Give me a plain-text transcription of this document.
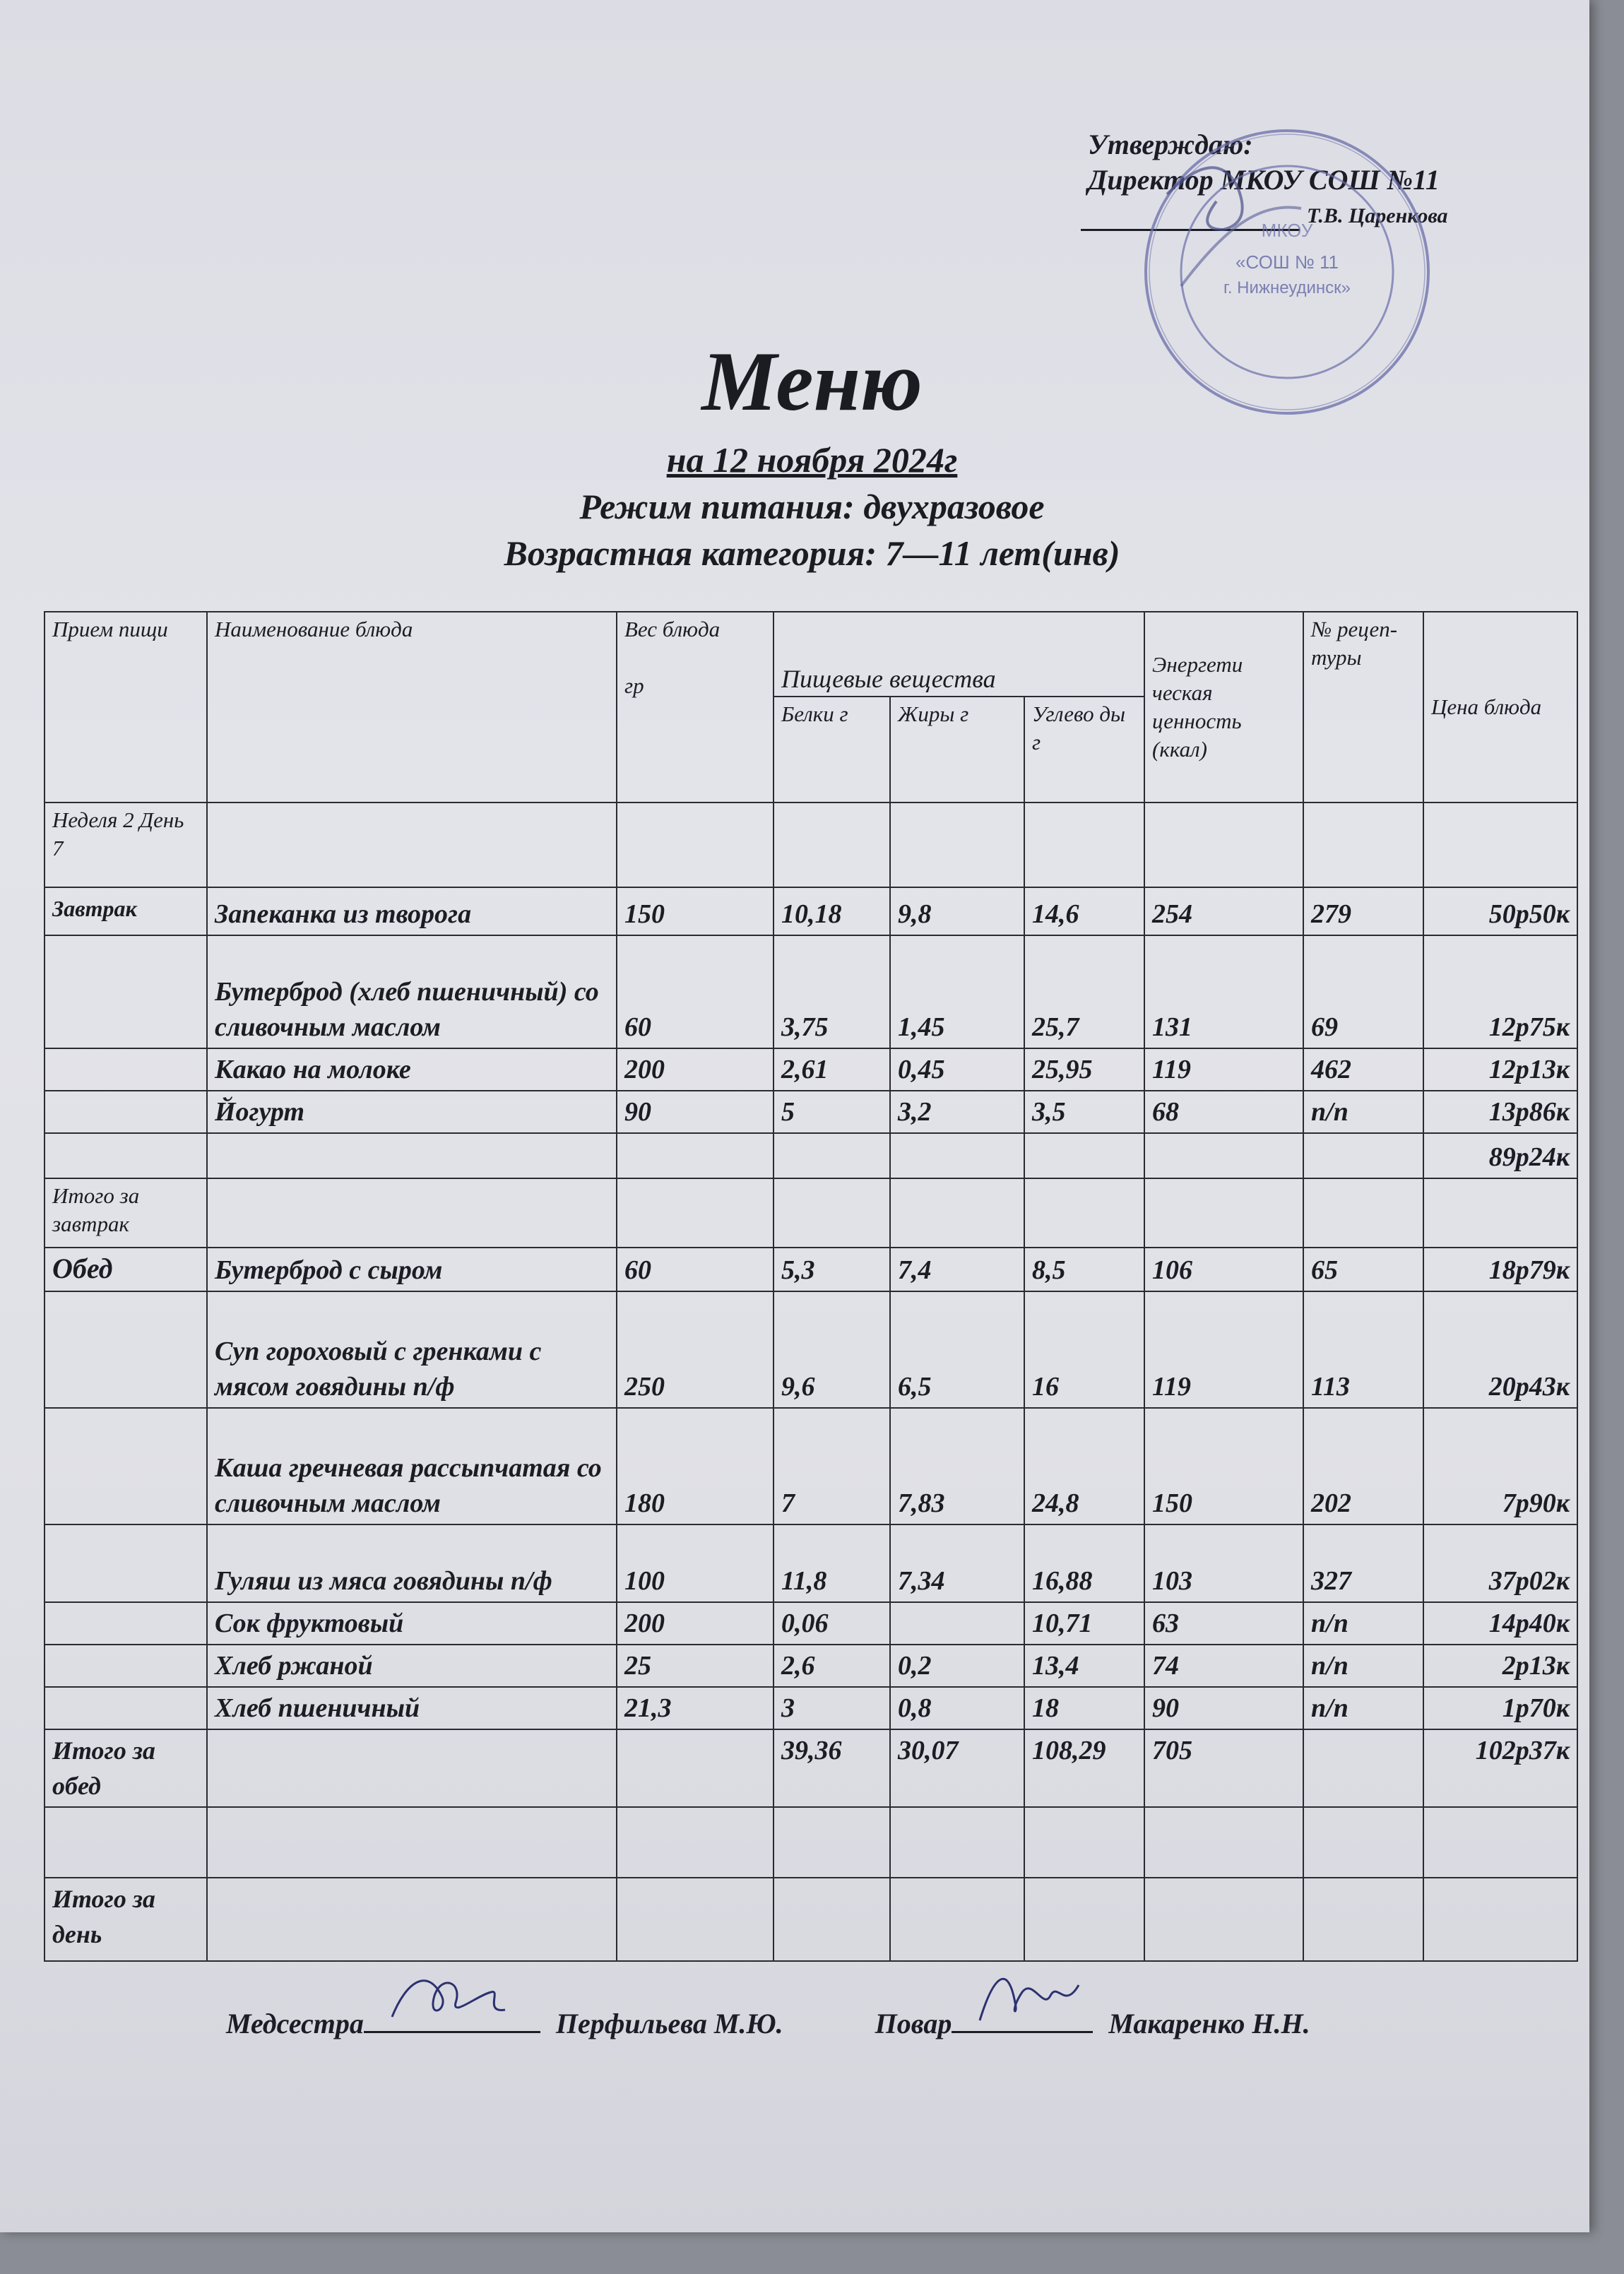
Утверждаю:
Директор МКОУ СОШ №11
Т.В. Царенкова
«СОШ № 11
г. Нижнеудинск»
МКОУ
Меню
на 12 ноября 2024г
Режим питания: двухразовое
Возрастная категория: 7—11 лет(инв)
Прием пищи	Наименование блюда	Вес блюда
гр	Пищевые вещества			Энергети ческая ценность (ккал)	№ рецеп- туры	Цена блюда
			Белки г	Жиры г	Углево ды г			
Неделя 2 День 7								
Завтрак	Запеканка из творога	150	10,18	9,8	14,6	254	279	50р50к
	Бутерброд (хлеб пшеничный) со сливочным маслом	60	3,75	1,45	25,7	131	69	12р75к
	Какао на молоке	200	2,61	0,45	25,95	119	462	12р13к
	Йогурт	90	5	3,2	3,5	68	п/п	13р86к
								89р24к
Итого за завтрак								
Обед	Бутерброд с сыром	60	5,3	7,4	8,5	106	65	18р79к
	Суп гороховый с гренками с мясом говядины п/ф	250	9,6	6,5	16	119	113	20р43к
	Каша гречневая рассыпчатая со сливочным маслом	180	7	7,83	24,8	150	202	7р90к
	Гуляш из мяса говядины п/ф	100	11,8	7,34	16,88	103	327	37р02к
	Сок фруктовый	200	0,06		10,71	63	п/п	14р40к
	Хлеб ржаной	25	2,6	0,2	13,4	74	п/п	2р13к
	Хлеб пшеничный	21,3	3	0,8	18	90	п/п	1р70к
Итого за обед			39,36	30,07	108,29	705		102р37к

Итого за день								
Медсестра	Перфильева М.Ю.	Повар	Макаренко Н.Н.
